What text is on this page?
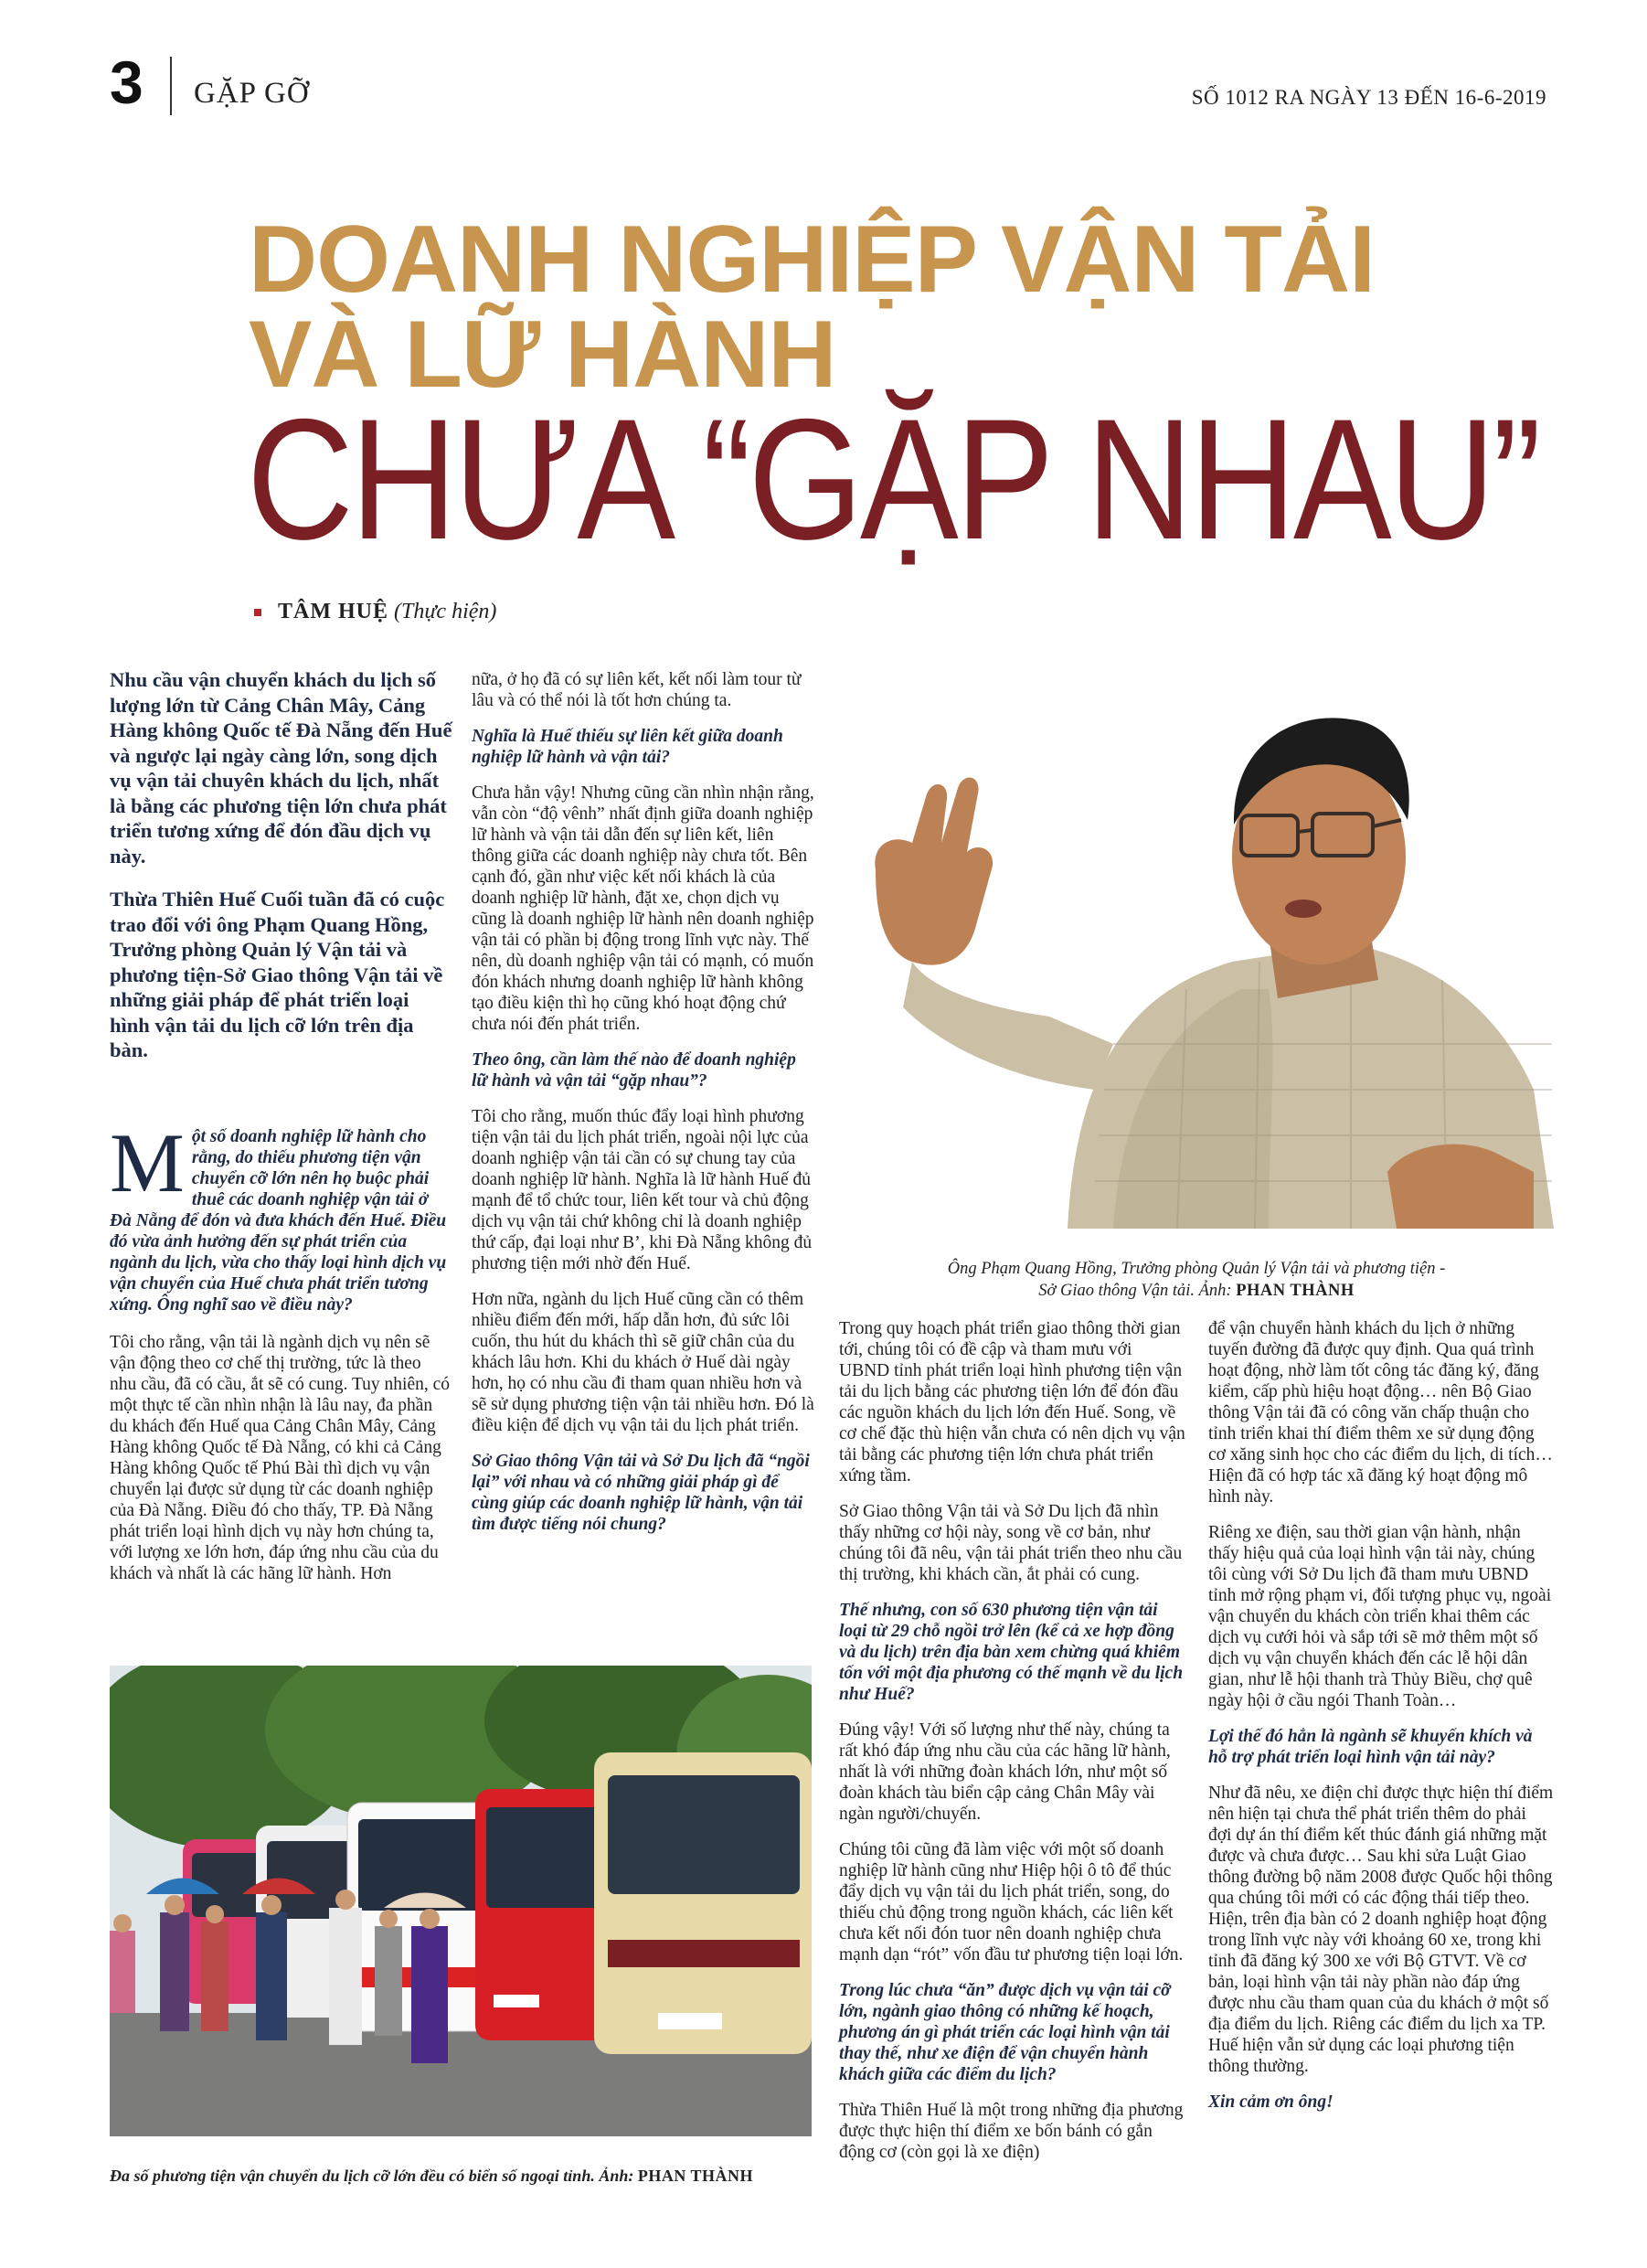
3 GẶP GỠ	SỐ 1012 RA NGÀY 13 ĐẾN 16-6-2019
DOANH NGHIỆP VẬN TẢI
VÀ LỮ HÀNH
CHƯA “GẶP NHAU”
TÂM HUỆ (Thực hiện)

Nhu cầu vận chuyển khách du lịch số lượng lớn từ Cảng Chân Mây, Cảng Hàng không Quốc tế Đà Nẵng đến Huế và ngược lại ngày càng lớn, song dịch vụ vận tải chuyên khách du lịch, nhất là bằng các phương tiện lớn chưa phát triển tương xứng để đón đầu dịch vụ này.

Thừa Thiên Huế Cuối tuần đã có cuộc trao đổi với ông Phạm Quang Hồng, Trưởng phòng Quản lý Vận tải và phương tiện-Sở Giao thông Vận tải về những giải pháp để phát triển loại hình vận tải du lịch cỡ lớn trên địa bàn.

Một số doanh nghiệp lữ hành cho rằng, do thiếu phương tiện vận chuyển cỡ lớn nên họ buộc phải thuê các doanh nghiệp vận tải ở Đà Nẵng để đón và đưa khách đến Huế. Điều đó vừa ảnh hưởng đến sự phát triển của ngành du lịch, vừa cho thấy loại hình dịch vụ vận chuyển của Huế chưa phát triển tương xứng. Ông nghĩ sao về điều này?

Tôi cho rằng, vận tải là ngành dịch vụ nên sẽ vận động theo cơ chế thị trường, tức là theo nhu cầu, đã có cầu, ắt sẽ có cung. Tuy nhiên, có một thực tế cần nhìn nhận là lâu nay, đa phần du khách đến Huế qua Cảng Chân Mây, Cảng Hàng không Quốc tế Đà Nẵng, có khi cả Cảng Hàng không Quốc tế Phú Bài thì dịch vụ vận chuyển lại được sử dụng từ các doanh nghiệp của Đà Nẵng. Điều đó cho thấy, TP. Đà Nẵng phát triển loại hình dịch vụ này hơn chúng ta, với lượng xe lớn hơn, đáp ứng nhu cầu của du khách và nhất là các hãng lữ hành. Hơn

nữa, ở họ đã có sự liên kết, kết nối làm tour từ lâu và có thể nói là tốt hơn chúng ta.

Nghĩa là Huế thiếu sự liên kết giữa doanh nghiệp lữ hành và vận tải?

Chưa hẳn vậy! Nhưng cũng cần nhìn nhận rằng, vẫn còn “độ vênh” nhất định giữa doanh nghiệp lữ hành và vận tải dẫn đến sự liên kết, liên thông giữa các doanh nghiệp này chưa tốt. Bên cạnh đó, gần như việc kết nối khách là của doanh nghiệp lữ hành, đặt xe, chọn dịch vụ cũng là doanh nghiệp lữ hành nên doanh nghiệp vận tải có phần bị động trong lĩnh vực này. Thế nên, dù doanh nghiệp vận tải có mạnh, có muốn đón khách nhưng doanh nghiệp lữ hành không tạo điều kiện thì họ cũng khó hoạt động chứ chưa nói đến phát triển.

Theo ông, cần làm thế nào để doanh nghiệp lữ hành và vận tải “gặp nhau”?

Tôi cho rằng, muốn thúc đẩy loại hình phương tiện vận tải du lịch phát triển, ngoài nội lực của doanh nghiệp vận tải cần có sự chung tay của doanh nghiệp lữ hành. Nghĩa là lữ hành Huế đủ mạnh để tổ chức tour, liên kết tour và chủ động dịch vụ vận tải chứ không chỉ là doanh nghiệp thứ cấp, đại loại như B’, khi Đà Nẵng không đủ phương tiện mới nhờ đến Huế.

Hơn nữa, ngành du lịch Huế cũng cần có thêm nhiều điểm đến mới, hấp dẫn hơn, đủ sức lôi cuốn, thu hút du khách thì sẽ giữ chân của du khách lâu hơn. Khi du khách ở Huế dài ngày hơn, họ có nhu cầu đi tham quan nhiều hơn và sẽ sử dụng phương tiện vận tải nhiều hơn. Đó là điều kiện để dịch vụ vận tải du lịch phát triển.

Sở Giao thông Vận tải và Sở Du lịch đã “ngồi lại” với nhau và có những giải pháp gì để cùng giúp các doanh nghiệp lữ hành, vận tải tìm được tiếng nói chung?

Ông Phạm Quang Hồng, Trưởng phòng Quản lý Vận tải và phương tiện -
Sở Giao thông Vận tải. Ảnh: PHAN THÀNH

Trong quy hoạch phát triển giao thông thời gian tới, chúng tôi có đề cập và tham mưu với UBND tỉnh phát triển loại hình phương tiện vận tải du lịch bằng các phương tiện lớn để đón đầu các nguồn khách du lịch lớn đến Huế. Song, về cơ chế đặc thù hiện vẫn chưa có nên dịch vụ vận tải bằng các phương tiện lớn chưa phát triển xứng tầm.

Sở Giao thông Vận tải và Sở Du lịch đã nhìn thấy những cơ hội này, song về cơ bản, như chúng tôi đã nêu, vận tải phát triển theo nhu cầu thị trường, khi khách cần, ắt phải có cung.

Thế nhưng, con số 630 phương tiện vận tải loại từ 29 chỗ ngồi trở lên (kể cả xe hợp đồng và du lịch) trên địa bàn xem chừng quá khiêm tốn với một địa phương có thế mạnh về du lịch như Huế?

Đúng vậy! Với số lượng như thế này, chúng ta rất khó đáp ứng nhu cầu của các hãng lữ hành, nhất là với những đoàn khách lớn, như một số đoàn khách tàu biển cập cảng Chân Mây vài ngàn người/chuyến.

Chúng tôi cũng đã làm việc với một số doanh nghiệp lữ hành cũng như Hiệp hội ô tô để thúc đẩy dịch vụ vận tải du lịch phát triển, song, do thiếu chủ động trong nguồn khách, các liên kết chưa kết nối đón tuor nên doanh nghiệp chưa mạnh dạn “rót” vốn đầu tư phương tiện loại lớn.

Trong lúc chưa “ăn” được dịch vụ vận tải cỡ lớn, ngành giao thông có những kế hoạch, phương án gì phát triển các loại hình vận tải thay thế, như xe điện để vận chuyển hành khách giữa các điểm du lịch?

Thừa Thiên Huế là một trong những địa phương được thực hiện thí điểm xe bốn bánh có gắn động cơ (còn gọi là xe điện)

để vận chuyển hành khách du lịch ở những tuyến đường đã được quy định. Qua quá trình hoạt động, nhờ làm tốt công tác đăng ký, đăng kiểm, cấp phù hiệu hoạt động… nên Bộ Giao thông Vận tải đã có công văn chấp thuận cho tỉnh triển khai thí điểm thêm xe sử dụng động cơ xăng sinh học cho các điểm du lịch, di tích… Hiện đã có hợp tác xã đăng ký hoạt động mô hình này.

Riêng xe điện, sau thời gian vận hành, nhận thấy hiệu quả của loại hình vận tải này, chúng tôi cùng với Sở Du lịch đã tham mưu UBND tỉnh mở rộng phạm vi, đối tượng phục vụ, ngoài vận chuyển du khách còn triển khai thêm các dịch vụ cưới hỏi và sắp tới sẽ mở thêm một số dịch vụ vận chuyển khách đến các lễ hội dân gian, như lễ hội thanh trà Thủy Biều, chợ quê ngày hội ở cầu ngói Thanh Toàn…

Lợi thế đó hẳn là ngành sẽ khuyến khích và hỗ trợ phát triển loại hình vận tải này?

Như đã nêu, xe điện chỉ được thực hiện thí điểm nên hiện tại chưa thể phát triển thêm do phải đợi dự án thí điểm kết thúc đánh giá những mặt được và chưa được… Sau khi sửa Luật Giao thông đường bộ năm 2008 được Quốc hội thông qua chúng tôi mới có các động thái tiếp theo. Hiện, trên địa bàn có 2 doanh nghiệp hoạt động trong lĩnh vực này với khoảng 60 xe, trong khi tỉnh đã đăng ký 300 xe với Bộ GTVT. Về cơ bản, loại hình vận tải này phần nào đáp ứng được nhu cầu tham quan của du khách ở một số địa điểm du lịch. Riêng các điểm du lịch xa TP. Huế hiện vẫn sử dụng các loại phương tiện thông thường.

Xin cảm ơn ông!

Đa số phương tiện vận chuyển du lịch cỡ lớn đều có biển số ngoại tỉnh. Ảnh: PHAN THÀNH
